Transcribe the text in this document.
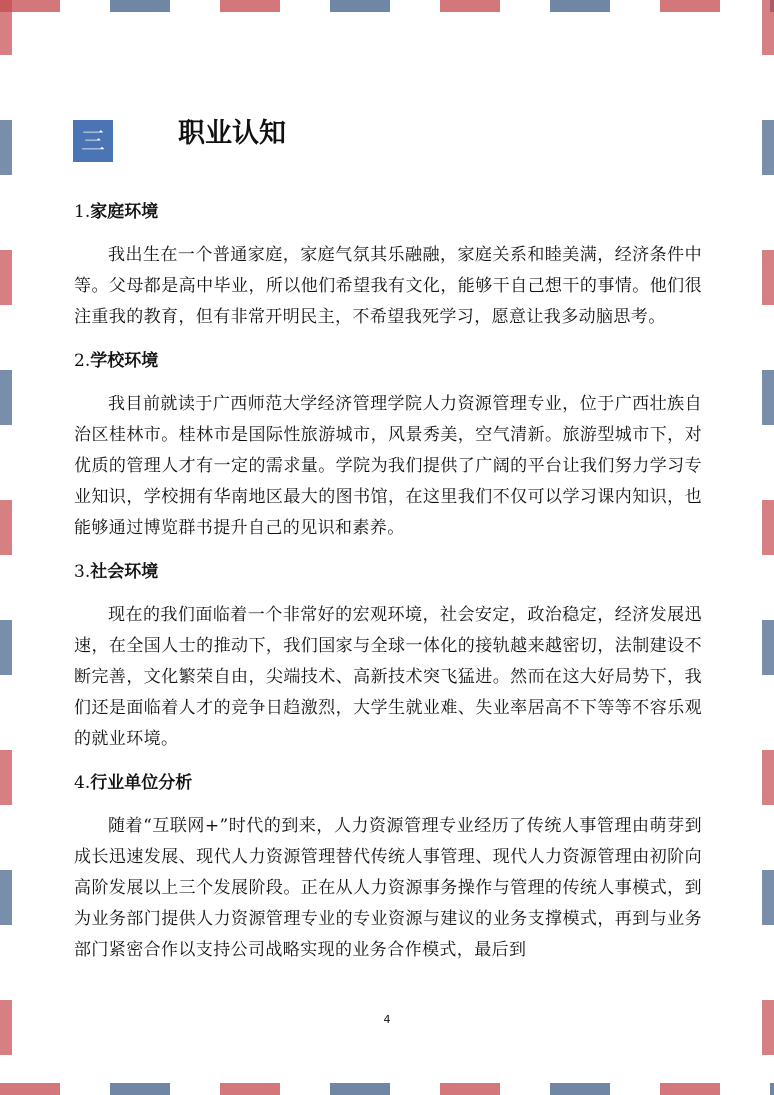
三	职业认知
1.家庭环境

我出生在一个普通家庭，家庭气氛其乐融融，家庭关系和睦美满，经济条件中等。父母都是高中毕业，所以他们希望我有文化，能够干自己想干的事情。他们很注重我的教育，但有非常开明民主，不希望我死学习，愿意让我多动脑思考。

2.学校环境

我目前就读于广西师范大学经济管理学院人力资源管理专业，位于广西壮族自治区桂林市。桂林市是国际性旅游城市，风景秀美，空气清新。旅游型城市下，对优质的管理人才有一定的需求量。学院为我们提供了广阔的平台让我们努力学习专业知识，学校拥有华南地区最大的图书馆，在这里我们不仅可以学习课内知识，也能够通过博览群书提升自己的见识和素养。

3.社会环境

现在的我们面临着一个非常好的宏观环境，社会安定，政治稳定，经济发展迅速，在全国人士的推动下，我们国家与全球一体化的接轨越来越密切，法制建设不断完善，文化繁荣自由，尖端技术、高新技术突飞猛进。然而在这大好局势下，我们还是面临着人才的竞争日趋激烈，大学生就业难、失业率居高不下等等不容乐观的就业环境。

4.行业单位分析

随着“互联网+”时代的到来，人力资源管理专业经历了传统人事管理由萌芽到成长迅速发展、现代人力资源管理替代传统人事管理、现代人力资源管理由初阶向高阶发展以上三个发展阶段。正在从人力资源事务操作与管理的传统人事模式，到为业务部门提供人力资源管理专业的专业资源与建议的业务支撑模式，再到与业务部门紧密合作以支持公司战略实现的业务合作模式，最后到

4
